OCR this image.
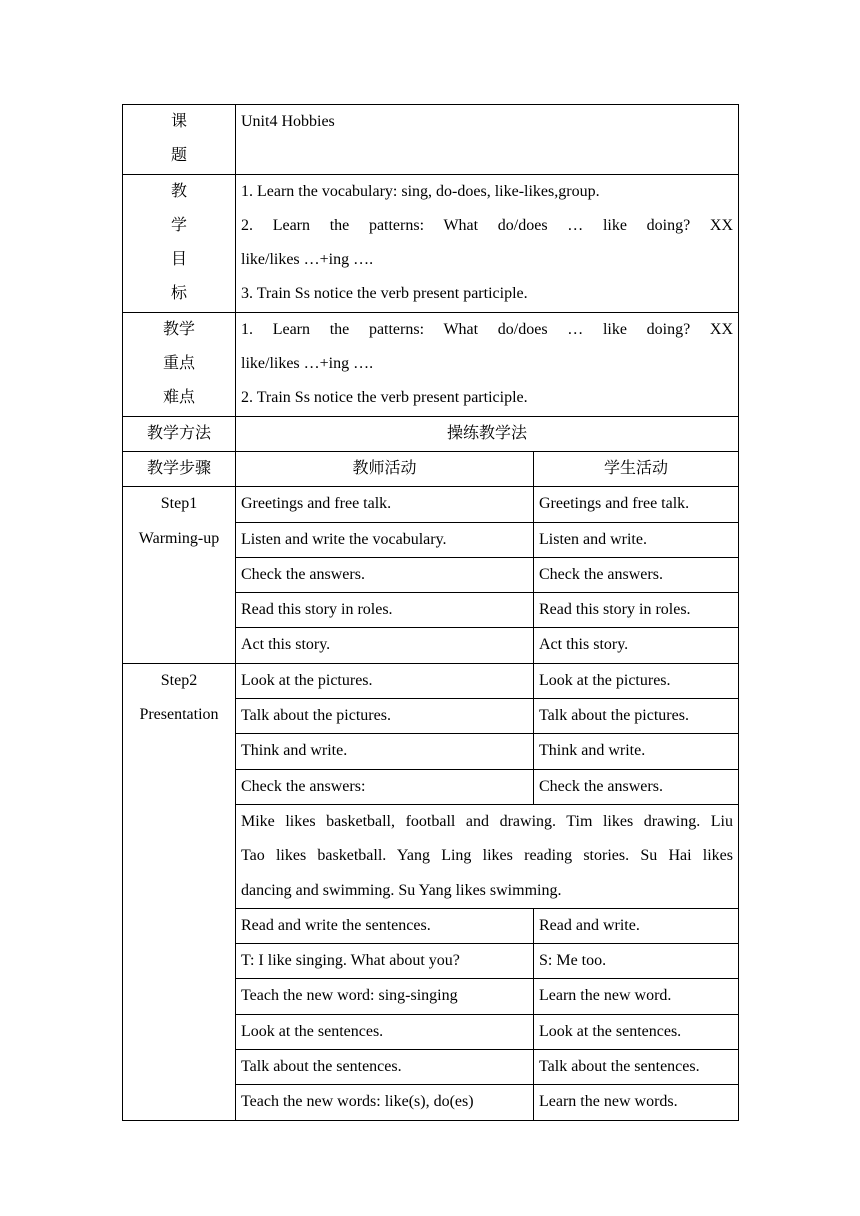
课
题	Unit4 Hobbies	

教
学
目
标	1. Learn the vocabulary: sing, do-does, like-likes,group.
2. Learn the patterns: What do/does … like doing? XX
like/likes …+ing ….
3. Train Ss notice the verb present participle.	

教学
重点
难点	1. Learn the patterns: What do/does … like doing? XX
like/likes …+ing ….
2. Train Ss notice the verb present participle.	

教学方法	操练教学法	
教学步骤	教师活动	学生活动

Step1
Warming-up	Greetings and free talk.	Greetings and free talk.
	Listen and write the vocabulary.	Listen and write.
	Check the answers.	Check the answers.
	Read this story in roles.	Read this story in roles.
	Act this story.	Act this story.

Step2
Presentation	Look at the pictures.	Look at the pictures.
	Talk about the pictures.	Talk about the pictures.
	Think and write.	Think and write.
	Check the answers:	Check the answers.

	Mike likes basketball, football and drawing. Tim likes drawing. Liu
Tao likes basketball. Yang Ling likes reading stories. Su Hai likes
dancing and swimming. Su Yang likes swimming.	

	Read and write the sentences.	Read and write.
	T: I like singing. What about you?	S: Me too.
	Teach the new word: sing-singing	Learn the new word.
	Look at the sentences.	Look at the sentences.
	Talk about the sentences.	Talk about the sentences.
	Teach the new words: like(s), do(es)	Learn the new words.
